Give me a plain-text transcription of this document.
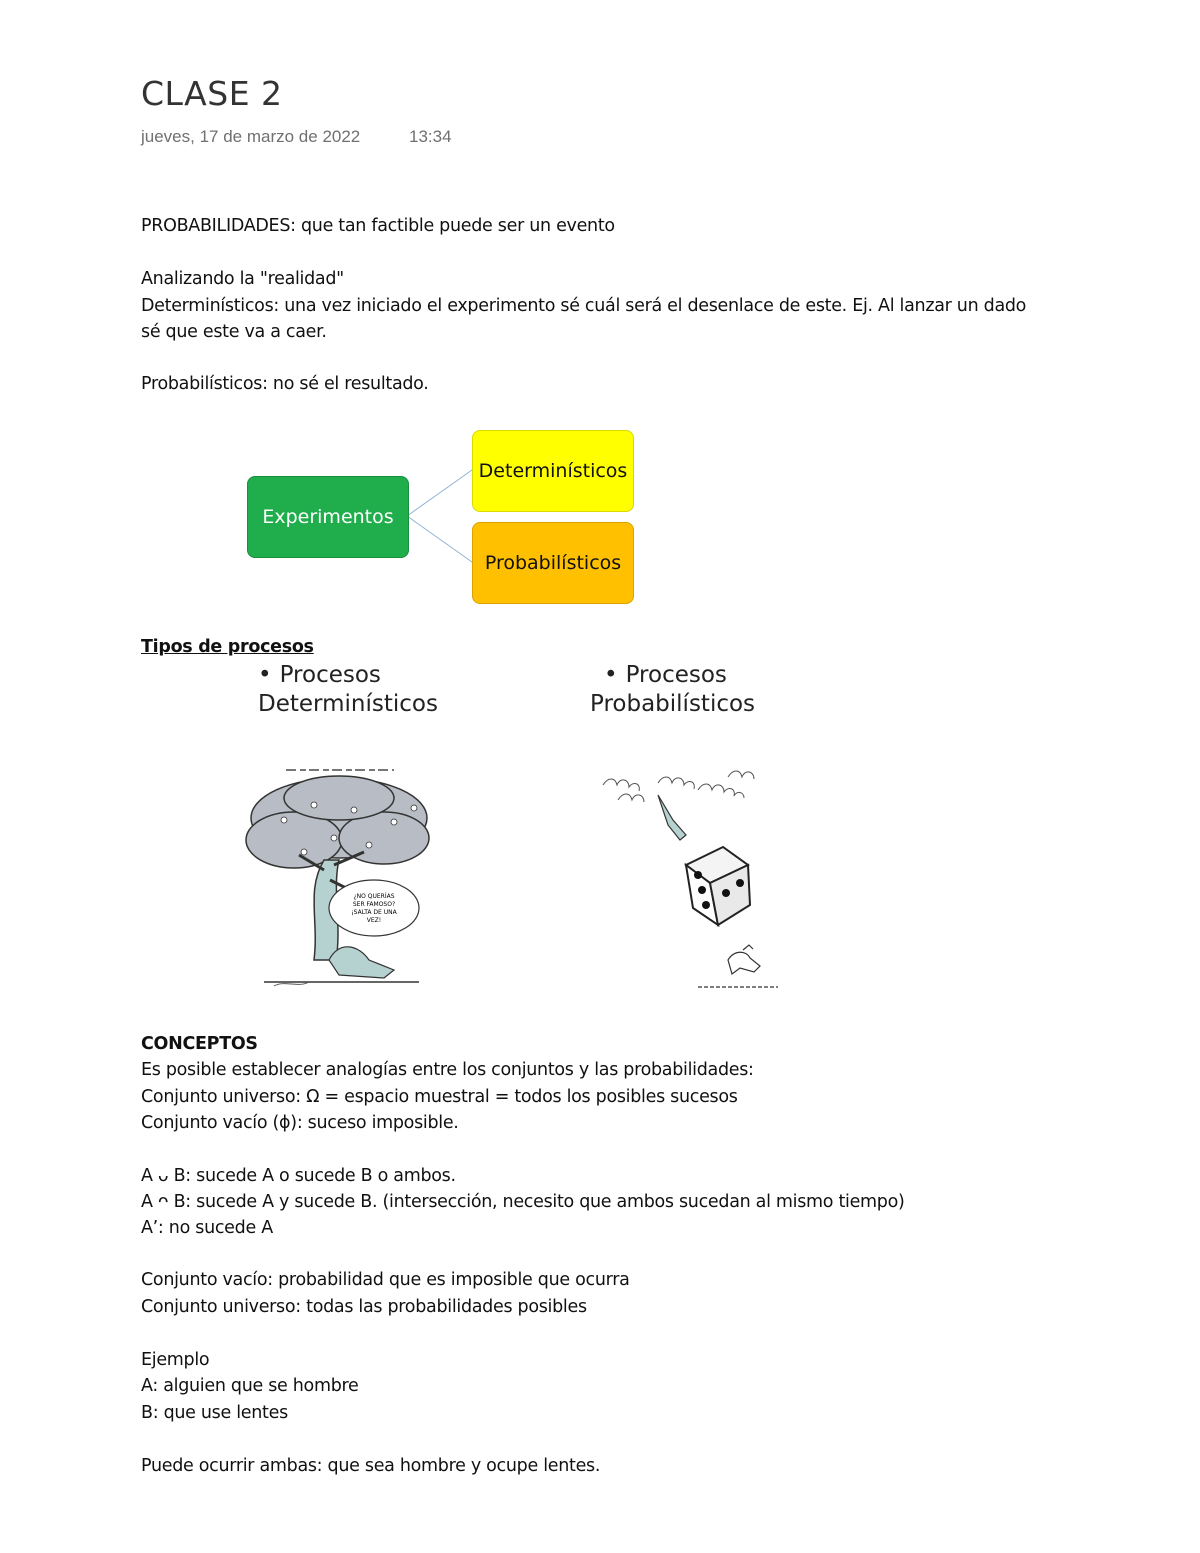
CLASE 2
jueves, 17 de marzo de 2022	13:34
PROBABILIDADES: que tan factible puede ser un evento
Analizando la "realidad"
Determinísticos: una vez iniciado el experimento sé cuál será el desenlace de este. Ej. Al lanzar un dado
sé que este va a caer.
Probabilísticos: no sé el resultado.
Experimentos
Determinísticos
Probabilísticos
Tipos de procesos
• Procesos
Determinísticos
• Procesos
Probabilísticos
¿NO QUERÍAS
SER FAMOSO?
¡SALTA DE UNA
VEZ!
CONCEPTOS
Es posible establecer analogías entre los conjuntos y las probabilidades:
Conjunto universo: Ω = espacio muestral = todos los posibles sucesos
Conjunto vacío (ϕ): suceso imposible.
A ᴗ B: sucede A o sucede B o ambos.
A ᴖ B: sucede A y sucede B. (intersección, necesito que ambos sucedan al mismo tiempo)
A’: no sucede A
Conjunto vacío: probabilidad que es imposible que ocurra
Conjunto universo: todas las probabilidades posibles
Ejemplo
A: alguien que se hombre
B: que use lentes
Puede ocurrir ambas: que sea hombre y ocupe lentes.
